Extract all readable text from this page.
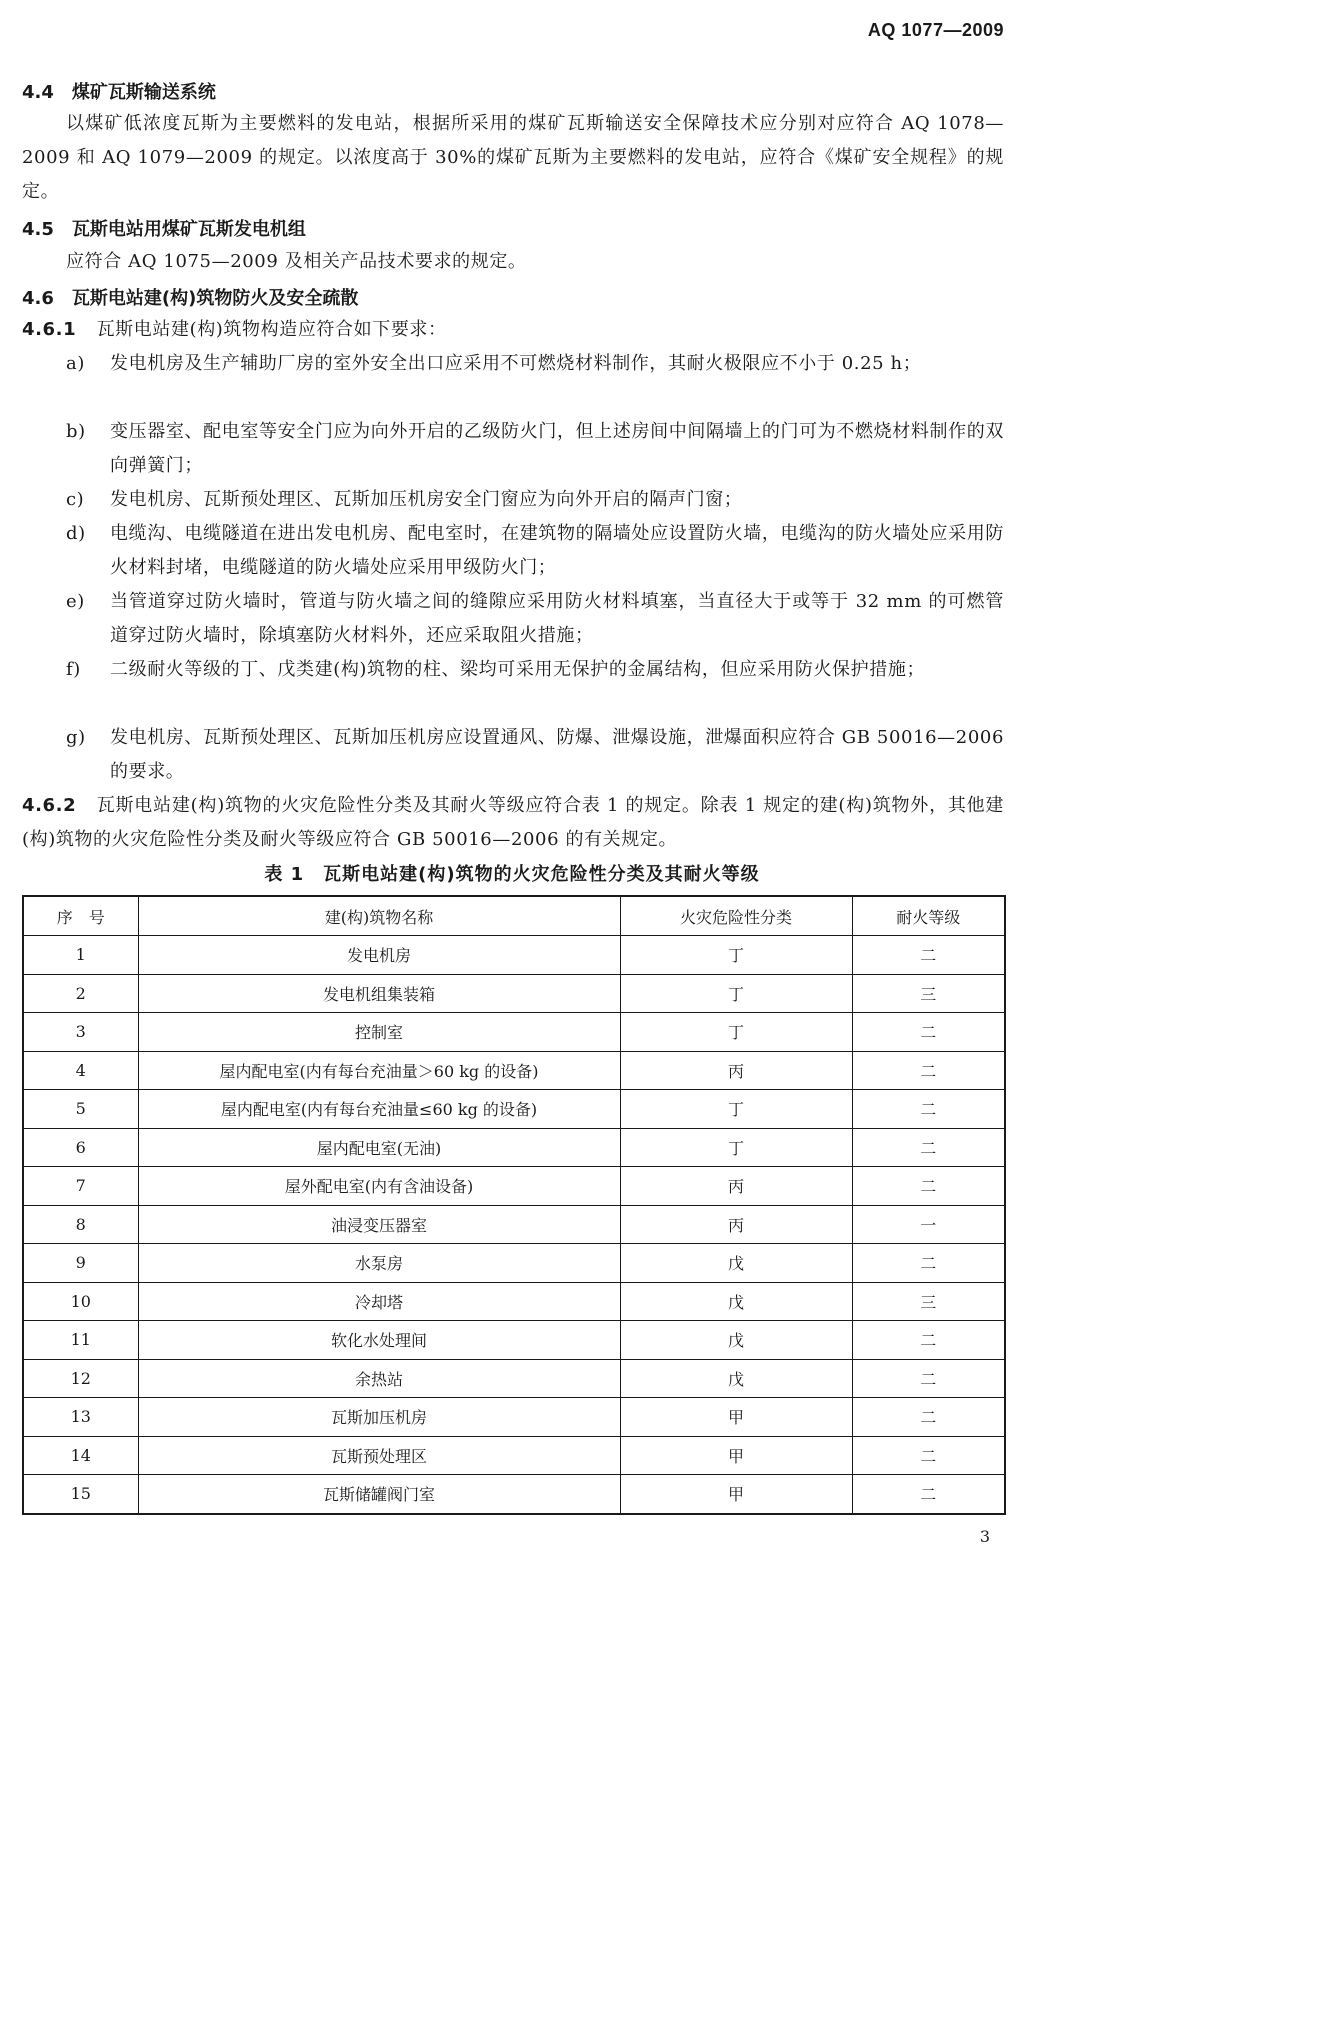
AQ 1077—2009
4.4　煤矿瓦斯输送系统
以煤矿低浓度瓦斯为主要燃料的发电站，根据所采用的煤矿瓦斯输送安全保障技术应分别对应符合 AQ 1078—2009 和 AQ 1079—2009 的规定。以浓度高于 30%的煤矿瓦斯为主要燃料的发电站，应符合《煤矿安全规程》的规定。
4.5　瓦斯电站用煤矿瓦斯发电机组
应符合 AQ 1075—2009 及相关产品技术要求的规定。
4.6　瓦斯电站建(构)筑物防火及安全疏散
4.6.1 瓦斯电站建(构)筑物构造应符合如下要求：
a)	发电机房及生产辅助厂房的室外安全出口应采用不可燃烧材料制作，其耐火极限应不小于 0.25 h；
b)	变压器室、配电室等安全门应为向外开启的乙级防火门，但上述房间中间隔墙上的门可为不燃烧材料制作的双向弹簧门；
c)	发电机房、瓦斯预处理区、瓦斯加压机房安全门窗应为向外开启的隔声门窗；
d)	电缆沟、电缆隧道在进出发电机房、配电室时，在建筑物的隔墙处应设置防火墙，电缆沟的防火墙处应采用防火材料封堵，电缆隧道的防火墙处应采用甲级防火门；
e)	当管道穿过防火墙时，管道与防火墙之间的缝隙应采用防火材料填塞，当直径大于或等于 32 mm 的可燃管道穿过防火墙时，除填塞防火材料外，还应采取阻火措施；
f)	二级耐火等级的丁、戊类建(构)筑物的柱、梁均可采用无保护的金属结构，但应采用防火保护措施；
g)	发电机房、瓦斯预处理区、瓦斯加压机房应设置通风、防爆、泄爆设施，泄爆面积应符合 GB 50016—2006 的要求。
4.6.2 瓦斯电站建(构)筑物的火灾危险性分类及其耐火等级应符合表 1 的规定。除表 1 规定的建(构)筑物外，其他建(构)筑物的火灾危险性分类及耐火等级应符合 GB 50016—2006 的有关规定。
表 1　瓦斯电站建(构)筑物的火灾危险性分类及其耐火等级
序　号	建(构)筑物名称	火灾危险性分类	耐火等级
1	发电机房	丁	二
2	发电机组集装箱	丁	三
3	控制室	丁	二
4	屋内配电室(内有每台充油量＞60 kg 的设备)	丙	二
5	屋内配电室(内有每台充油量≤60 kg 的设备)	丁	二
6	屋内配电室(无油)	丁	二
7	屋外配电室(内有含油设备)	丙	二
8	油浸变压器室	丙	一
9	水泵房	戊	二
10	冷却塔	戊	三
11	软化水处理间	戊	二
12	余热站	戊	二
13	瓦斯加压机房	甲	二
14	瓦斯预处理区	甲	二
15	瓦斯储罐阀门室	甲	二
3
